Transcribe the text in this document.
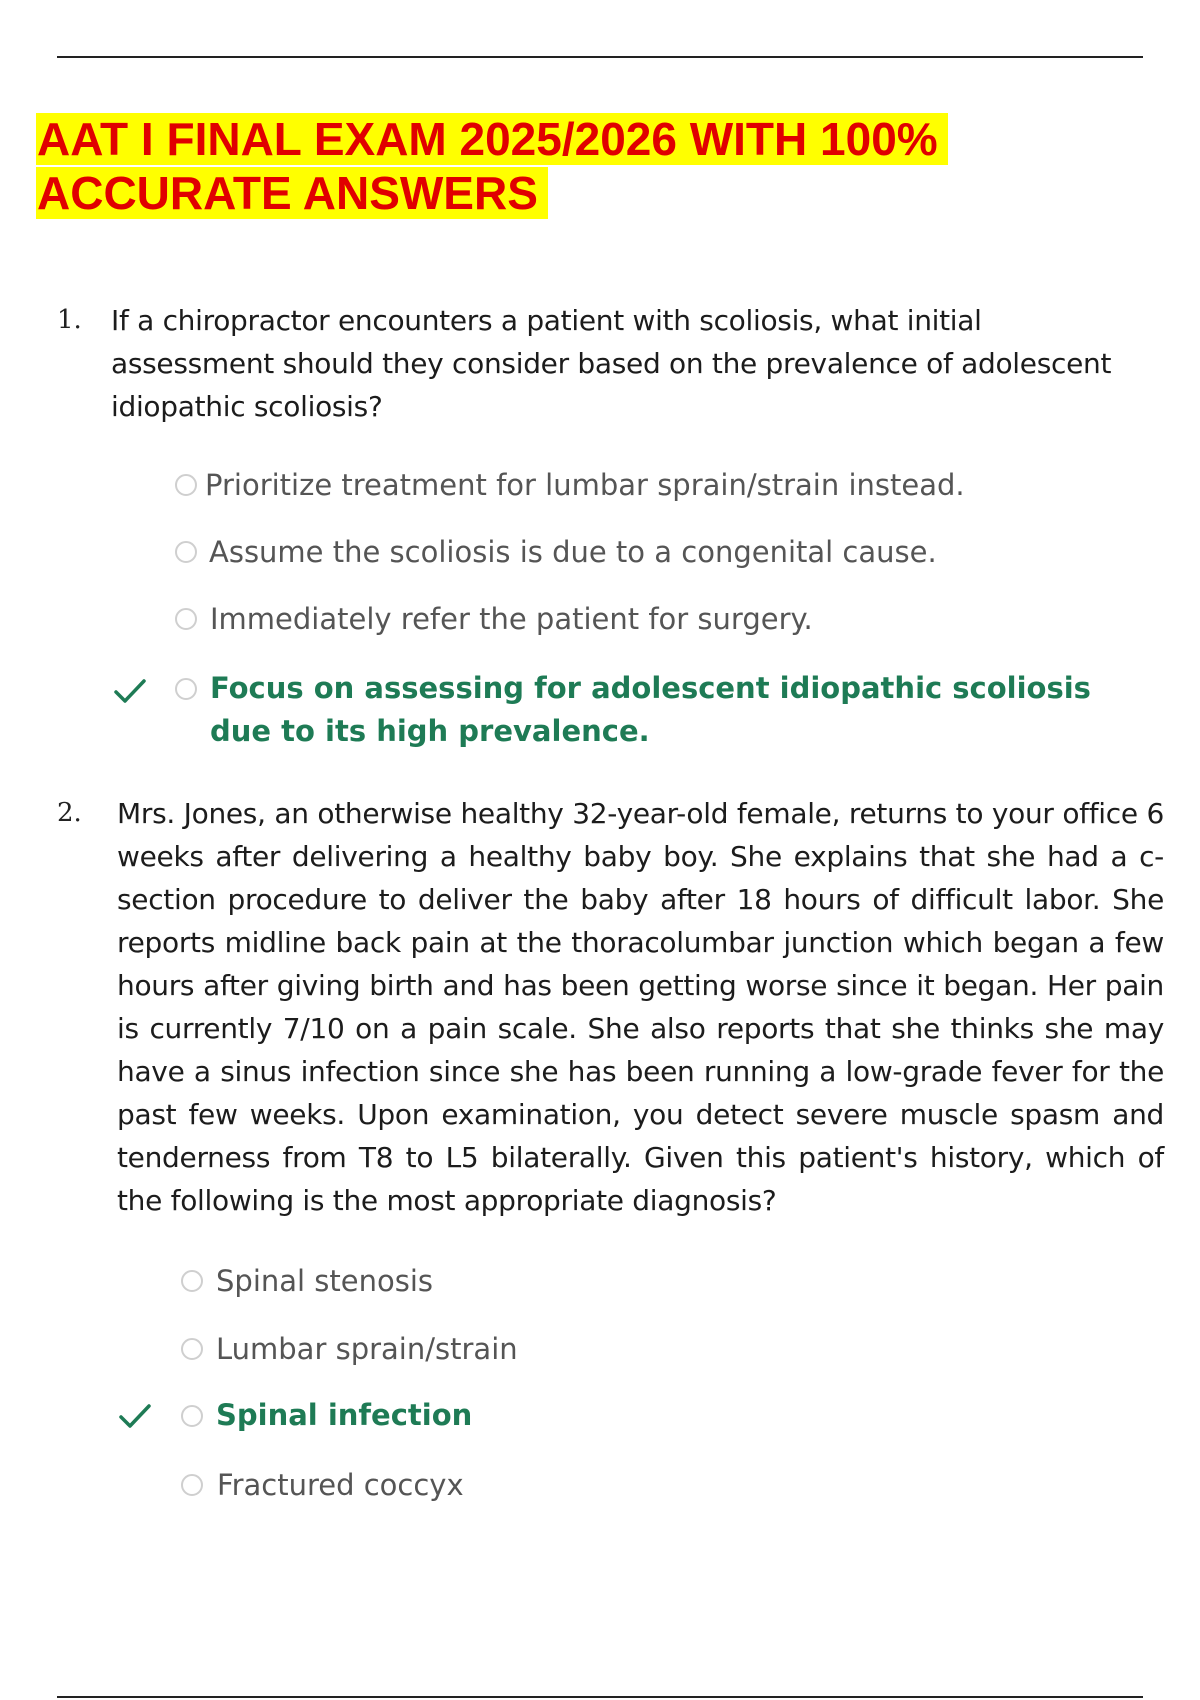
AAT I FINAL EXAM 2025/2026 WITH 100%
ACCURATE ANSWERS
1. If a chiropractor encounters a patient with scoliosis, what initial assessment should they consider based on the prevalence of adolescent idiopathic scoliosis?

Prioritize treatment for lumbar sprain/strain instead.
Assume the scoliosis is due to a congenital cause.
Immediately refer the patient for surgery.
Focus on assessing for adolescent idiopathic scoliosis due to its high prevalence.
2. Mrs. Jones, an otherwise healthy 32-year-old female, returns to your office 6 weeks after delivering a healthy baby boy. She explains that she had a c-section procedure to deliver the baby after 18 hours of difficult labor. She reports midline back pain at the thoracolumbar junction which began a few hours after giving birth and has been getting worse since it began. Her pain is currently 7/10 on a pain scale. She also reports that she thinks she may have a sinus infection since she has been running a low-grade fever for the past few weeks. Upon examination, you detect severe muscle spasm and tenderness from T8 to L5 bilaterally. Given this patient's history, which of the following is the most appropriate diagnosis?

Spinal stenosis
Lumbar sprain/strain
Spinal infection
Fractured coccyx
